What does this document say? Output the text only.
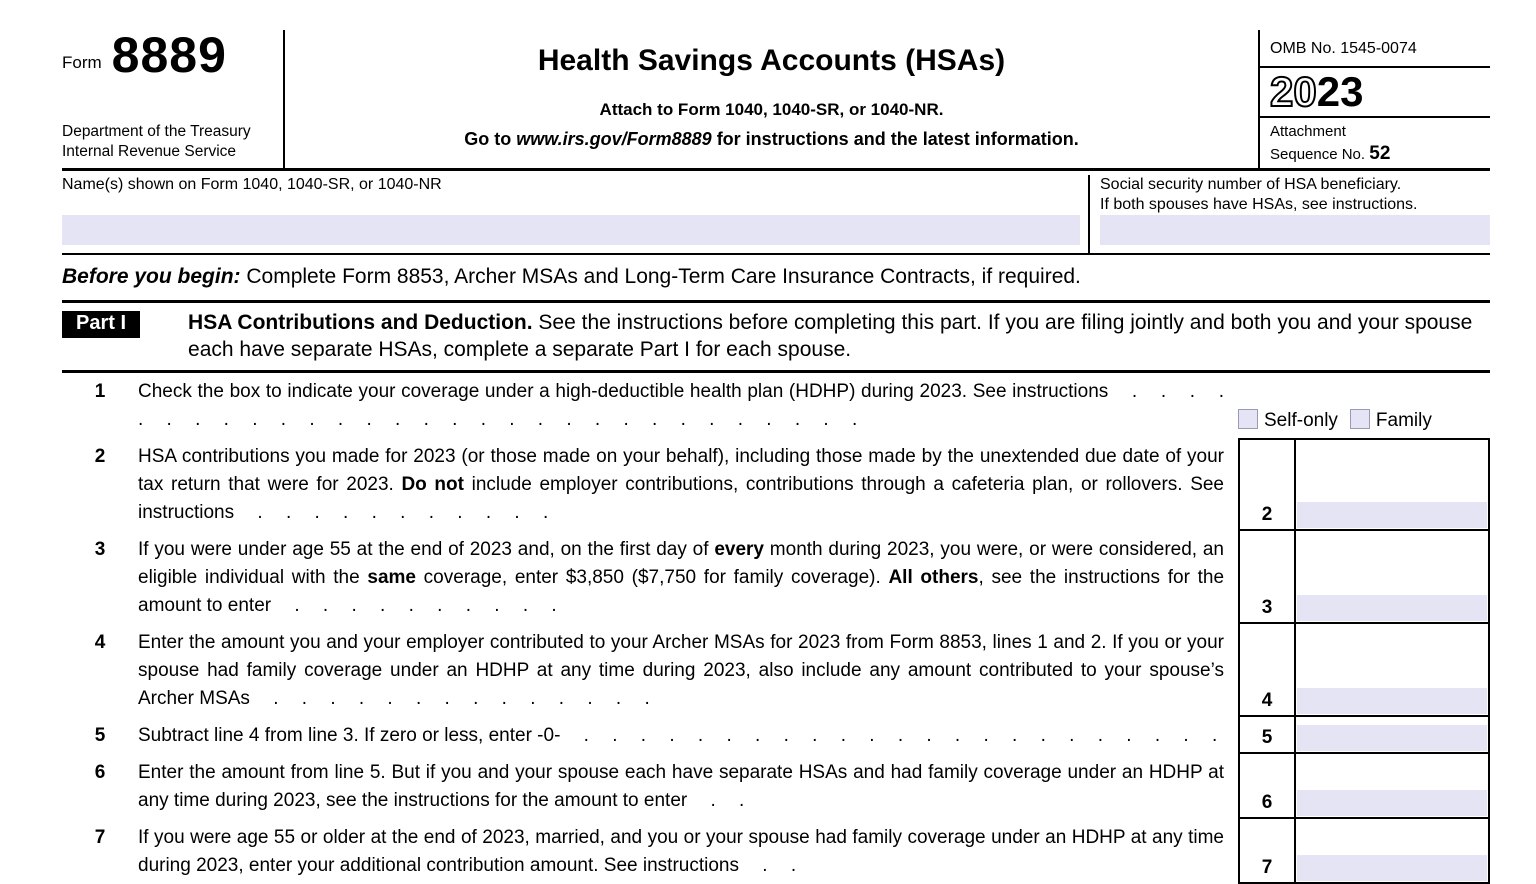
Form 8889
Department of the Treasury
Internal Revenue Service
Health Savings Accounts (HSAs)
Attach to Form 1040, 1040-SR, or 1040-NR.
Go to www.irs.gov/Form8889 for instructions and the latest information.
OMB No. 1545-0074
2023
Attachment
Sequence No. 52
Name(s) shown on Form 1040, 1040-SR, or 1040-NR	Social security number of HSA beneficiary.
If both spouses have HSAs, see instructions.
Before you begin: Complete Form 8853, Archer MSAs and Long-Term Care Insurance Contracts, if required.
Part I	HSA Contributions and Deduction. See the instructions before completing this part. If you are filing jointly and both you and your spouse each have separate HSAs, complete a separate Part I for each spouse.
1	Check the box to indicate your coverage under a high-deductible health plan (HDHP) during 2023. See instructions . . . . . . . . . . . . . . . . . . . . . . . . . . . . . .	Self-only	Family
2	HSA contributions you made for 2023 (or those made on your behalf), including those made by the unextended due date of your tax return that were for 2023. Do not include employer contributions, contributions through a cafeteria plan, or rollovers. See instructions . . . . . . . . . . .	2
3	If you were under age 55 at the end of 2023 and, on the first day of every month during 2023, you were, or were considered, an eligible individual with the same coverage, enter $3,850 ($7,750 for family coverage). All others, see the instructions for the amount to enter . . . . . . . . . .	3
4	Enter the amount you and your employer contributed to your Archer MSAs for 2023 from Form 8853, lines 1 and 2. If you or your spouse had family coverage under an HDHP at any time during 2023, also include any amount contributed to your spouse’s Archer MSAs . . . . . . . . . . . . . .	4
5	Subtract line 4 from line 3. If zero or less, enter -0- . . . . . . . . . . . . . . . . . . . . . . .	5
6	Enter the amount from line 5. But if you and your spouse each have separate HSAs and had family coverage under an HDHP at any time during 2023, see the instructions for the amount to enter . .	6
7	If you were age 55 or older at the end of 2023, married, and you or your spouse had family coverage under an HDHP at any time during 2023, enter your additional contribution amount. See instructions . .	7
